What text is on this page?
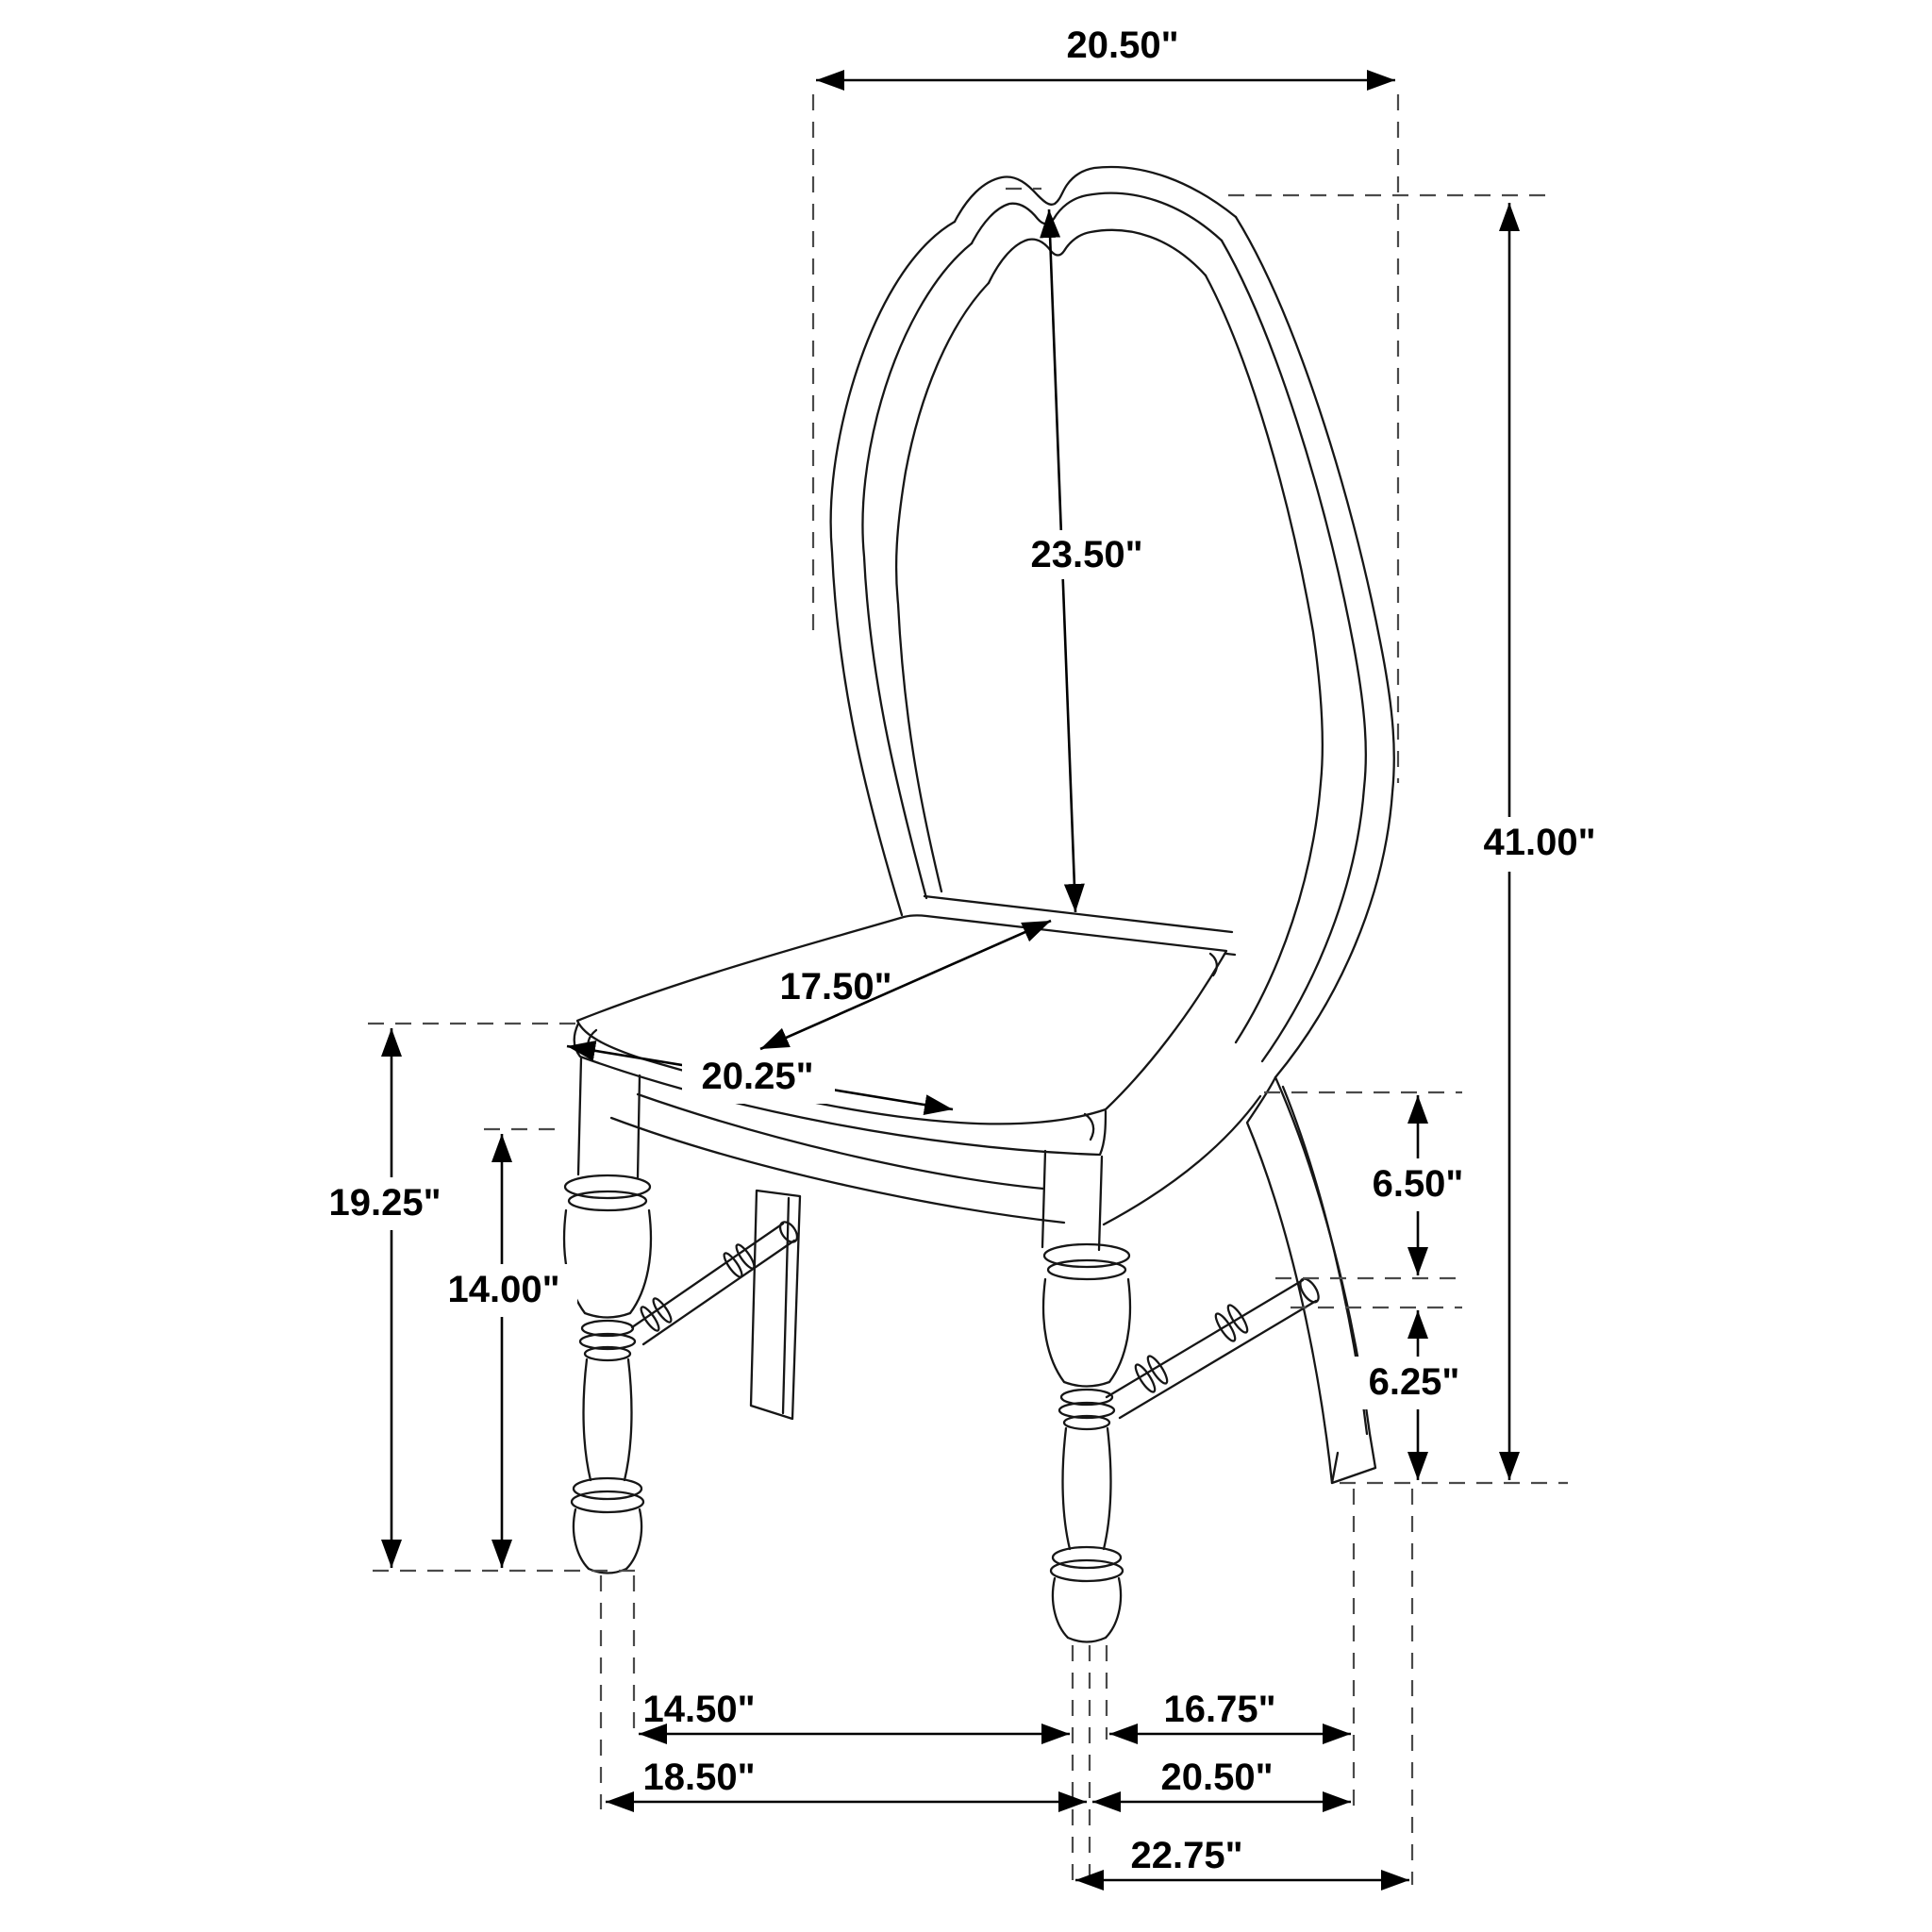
20.50"
23.50"
41.00"
17.50"
20.25"
19.25"
14.00"
6.50"
6.25"
14.50"	16.75"
18.50"	20.50"
22.75"
